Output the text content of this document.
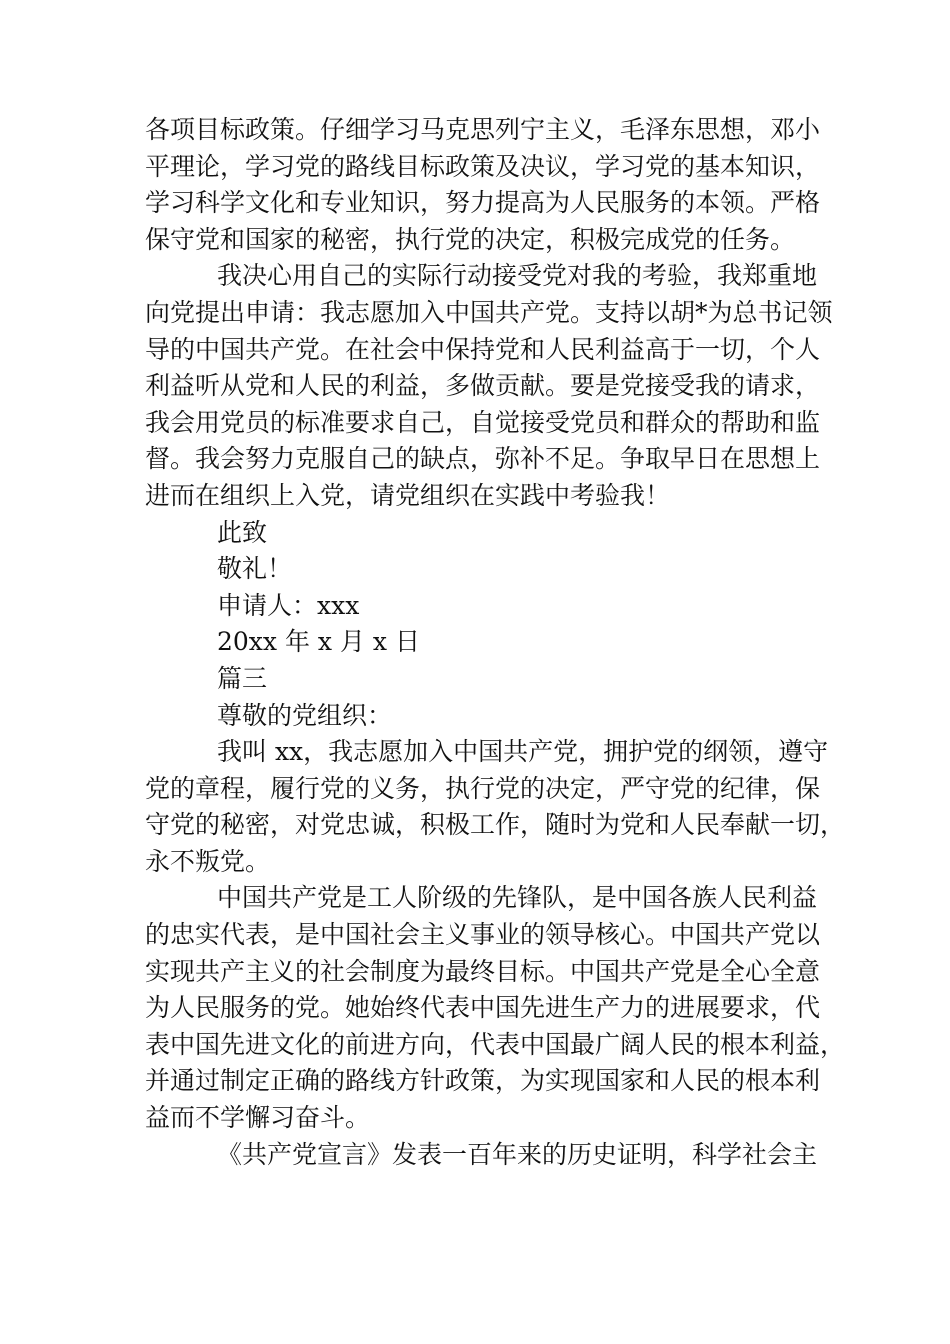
各项目标政策。仔细学习马克思列宁主义，毛泽东思想，邓小
平理论，学习党的路线目标政策及决议，学习党的基本知识，
学习科学文化和专业知识，努力提高为人民服务的本领。严格
保守党和国家的秘密，执行党的决定，积极完成党的任务。
我决心用自己的实际行动接受党对我的考验，我郑重地
向党提出申请：我志愿加入中国共产党。支持以胡*为总书记领
导的中国共产党。在社会中保持党和人民利益高于一切，个人
利益听从党和人民的利益，多做贡献。要是党接受我的请求，
我会用党员的标准要求自己，自觉接受党员和群众的帮助和监
督。我会努力克服自己的缺点，弥补不足。争取早日在思想上
进而在组织上入党，请党组织在实践中考验我！
此致
敬礼！
申请人：xxx
20xx 年 x 月 x 日
篇三
尊敬的党组织：
我叫 xx，我志愿加入中国共产党，拥护党的纲领，遵守
党的章程，履行党的义务，执行党的决定，严守党的纪律，保
守党的秘密，对党忠诚，积极工作，随时为党和人民奉献一切，
永不叛党。
中国共产党是工人阶级的先锋队，是中国各族人民利益
的忠实代表，是中国社会主义事业的领导核心。中国共产党以
实现共产主义的社会制度为最终目标。中国共产党是全心全意
为人民服务的党。她始终代表中国先进生产力的进展要求，代
表中国先进文化的前进方向，代表中国最广阔人民的根本利益，
并通过制定正确的路线方针政策，为实现国家和人民的根本利
益而不学懈习奋斗。
《共产党宣言》发表一百年来的历史证明，科学社会主
